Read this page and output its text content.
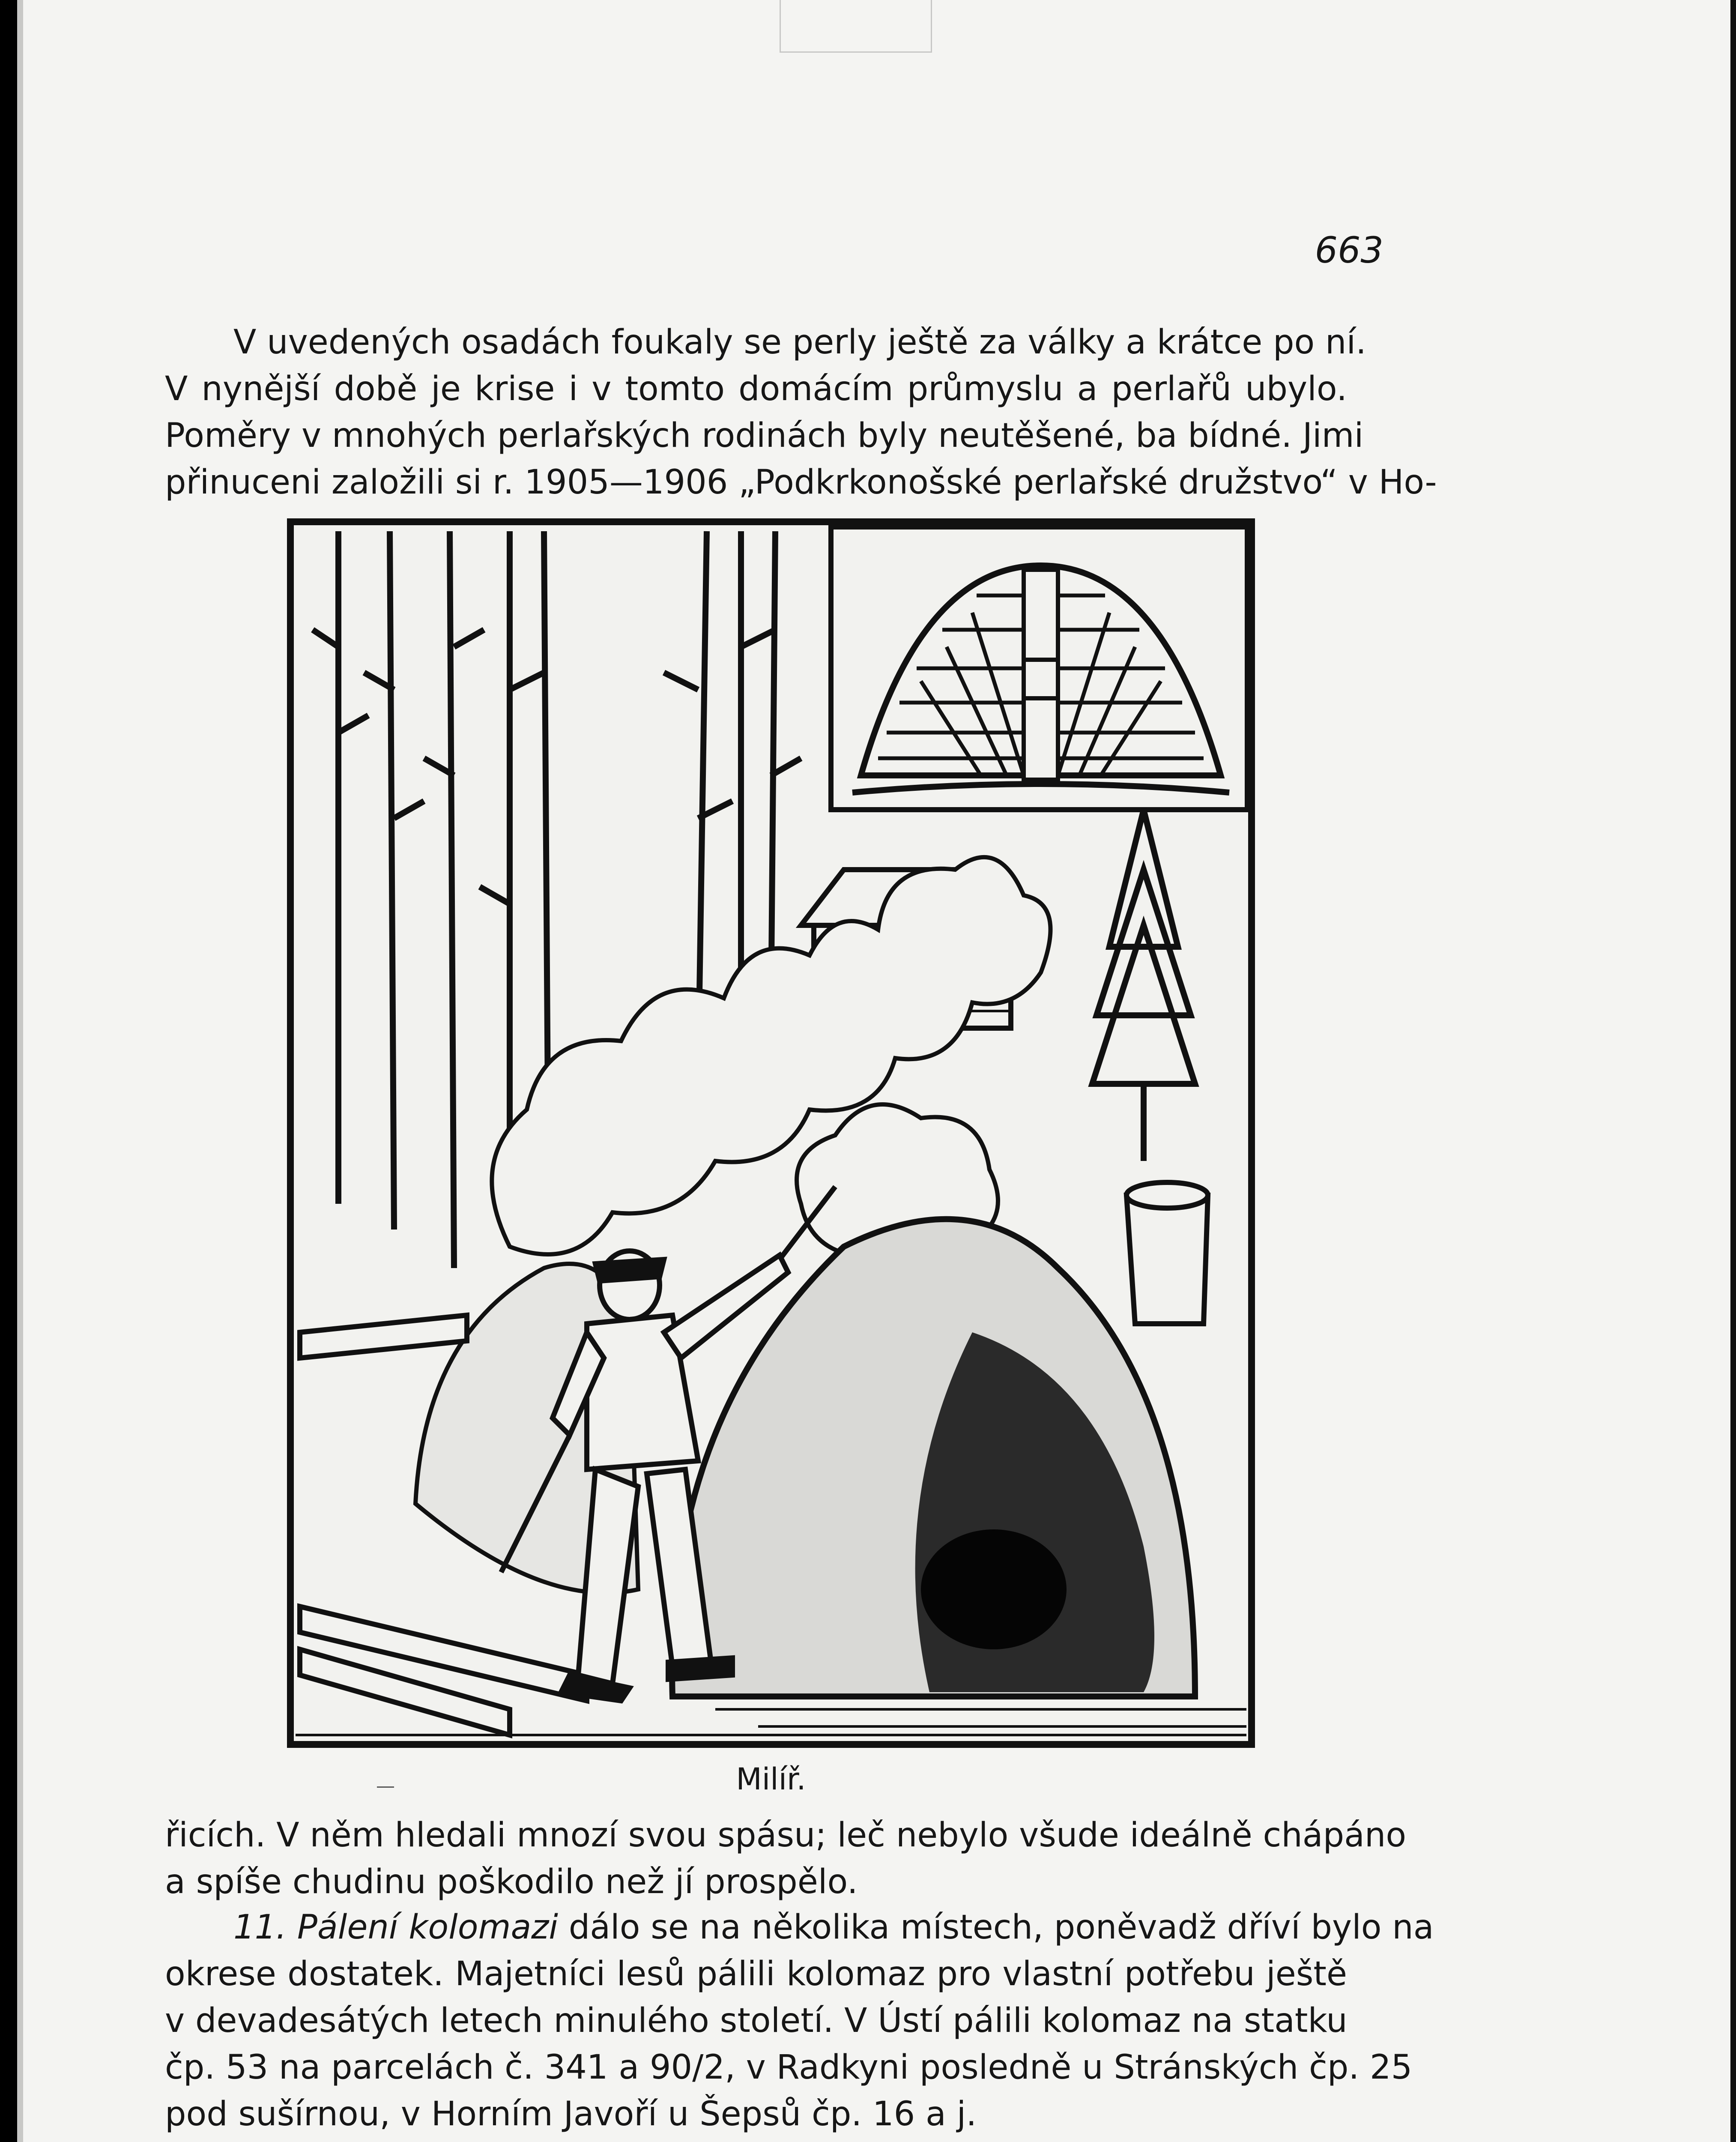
663

V uvedených osadách foukaly se perly ještě za války a krátce po ní.
V nynější době je krise i v tomto domácím průmyslu a perlařů ubylo.
Poměry v mnohých perlařských rodinách byly neutěšené, ba bídné. Jimi
přinuceni založili si r. 1905—1906 „Podkrkonošské perlařské družstvo“ v Ho-

Milíř.

řicích. V něm hledali mnozí svou spásu; leč nebylo všude ideálně chápáno
a spíše chudinu poškodilo než jí prospělo.

11. Pálení kolomazi dálo se na několika místech, poněvadž dříví bylo na
okrese dostatek. Majetníci lesů pálili kolomaz pro vlastní potřebu ještě
v devadesátých letech minulého století. V Ústí pálili kolomaz na statku
čp. 53 na parcelách č. 341 a 90/2, v Radkyni posledně u Stránských čp. 25
pod sušírnou, v Horním Javoří u Šepsů čp. 16 a j.
